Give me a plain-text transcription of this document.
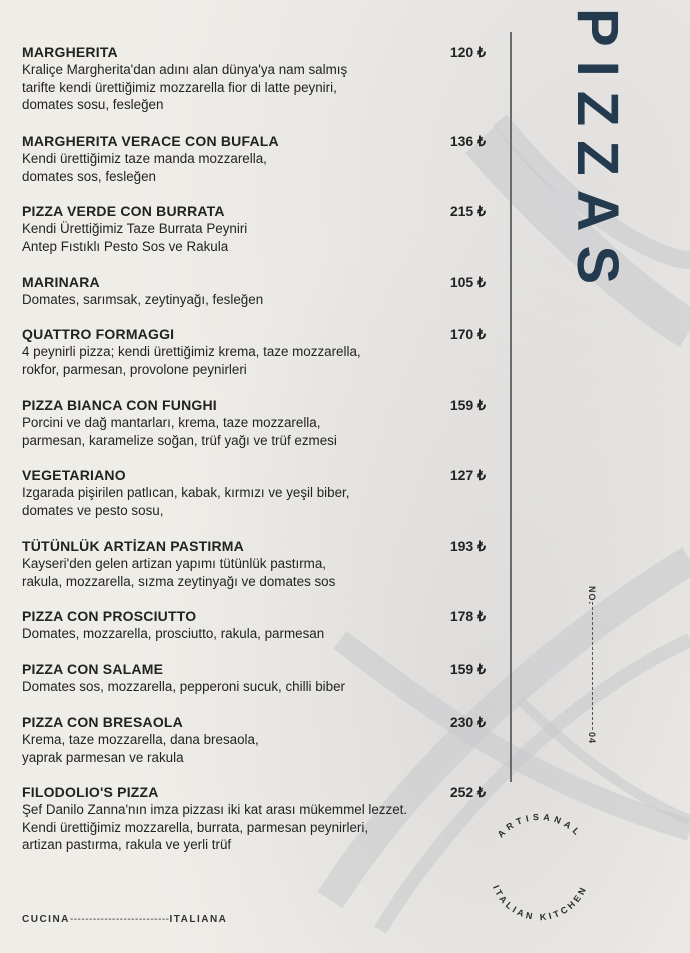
PIZZAS
MARGHERITA	120 ₺
Kraliçe Margherita'dan adını alan dünya'ya nam salmış
tarifte kendi ürettiğimiz mozzarella fior di latte peyniri,
domates sosu, fesleğen
MARGHERITA VERACE CON BUFALA	136 ₺
Kendi ürettiğimiz taze manda mozzarella,
domates sos, fesleğen
PIZZA VERDE CON BURRATA	215 ₺
Kendi Ürettiğimiz Taze Burrata Peyniri
Antep Fıstıklı Pesto Sos ve Rakula
MARINARA	105 ₺
Domates, sarımsak, zeytinyağı, fesleğen
QUATTRO FORMAGGI	170 ₺
4 peynirli pizza; kendi ürettiğimiz krema, taze mozzarella,
rokfor, parmesan, provolone peynirleri
PIZZA BIANCA CON FUNGHI	159 ₺
Porcini ve dağ mantarları, krema, taze mozzarella,
parmesan, karamelize soğan, trüf yağı ve trüf ezmesi
VEGETARIANO	127 ₺
Izgarada pişirilen patlıcan, kabak, kırmızı ve yeşil biber,
domates ve pesto sosu,
TÜTÜNLÜK ARTİZAN PASTIRMA	193 ₺
Kayseri'den gelen artizan yapımı tütünlük pastırma,
rakula, mozzarella, sızma zeytinyağı ve domates sos
PIZZA CON PROSCIUTTO	178 ₺
Domates, mozzarella, prosciutto, rakula, parmesan
PIZZA CON SALAME	159 ₺
Domates sos, mozzarella, pepperoni sucuk, chilli biber
PIZZA CON BRESAOLA	230 ₺
Krema, taze mozzarella, dana bresaola,
yaprak parmesan ve rakula
FILODOLIO'S PIZZA	252 ₺
Şef Danilo Zanna'nın imza pizzası iki kat arası mükemmel lezzet.
Kendi ürettiğimiz mozzarella, burrata, parmesan peynirleri,
artizan pastırma, rakula ve yerli trüf
NO.
04
ARTISANAL
ITALIAN KITCHEN
CUCINA--------------------------ITALIANA
